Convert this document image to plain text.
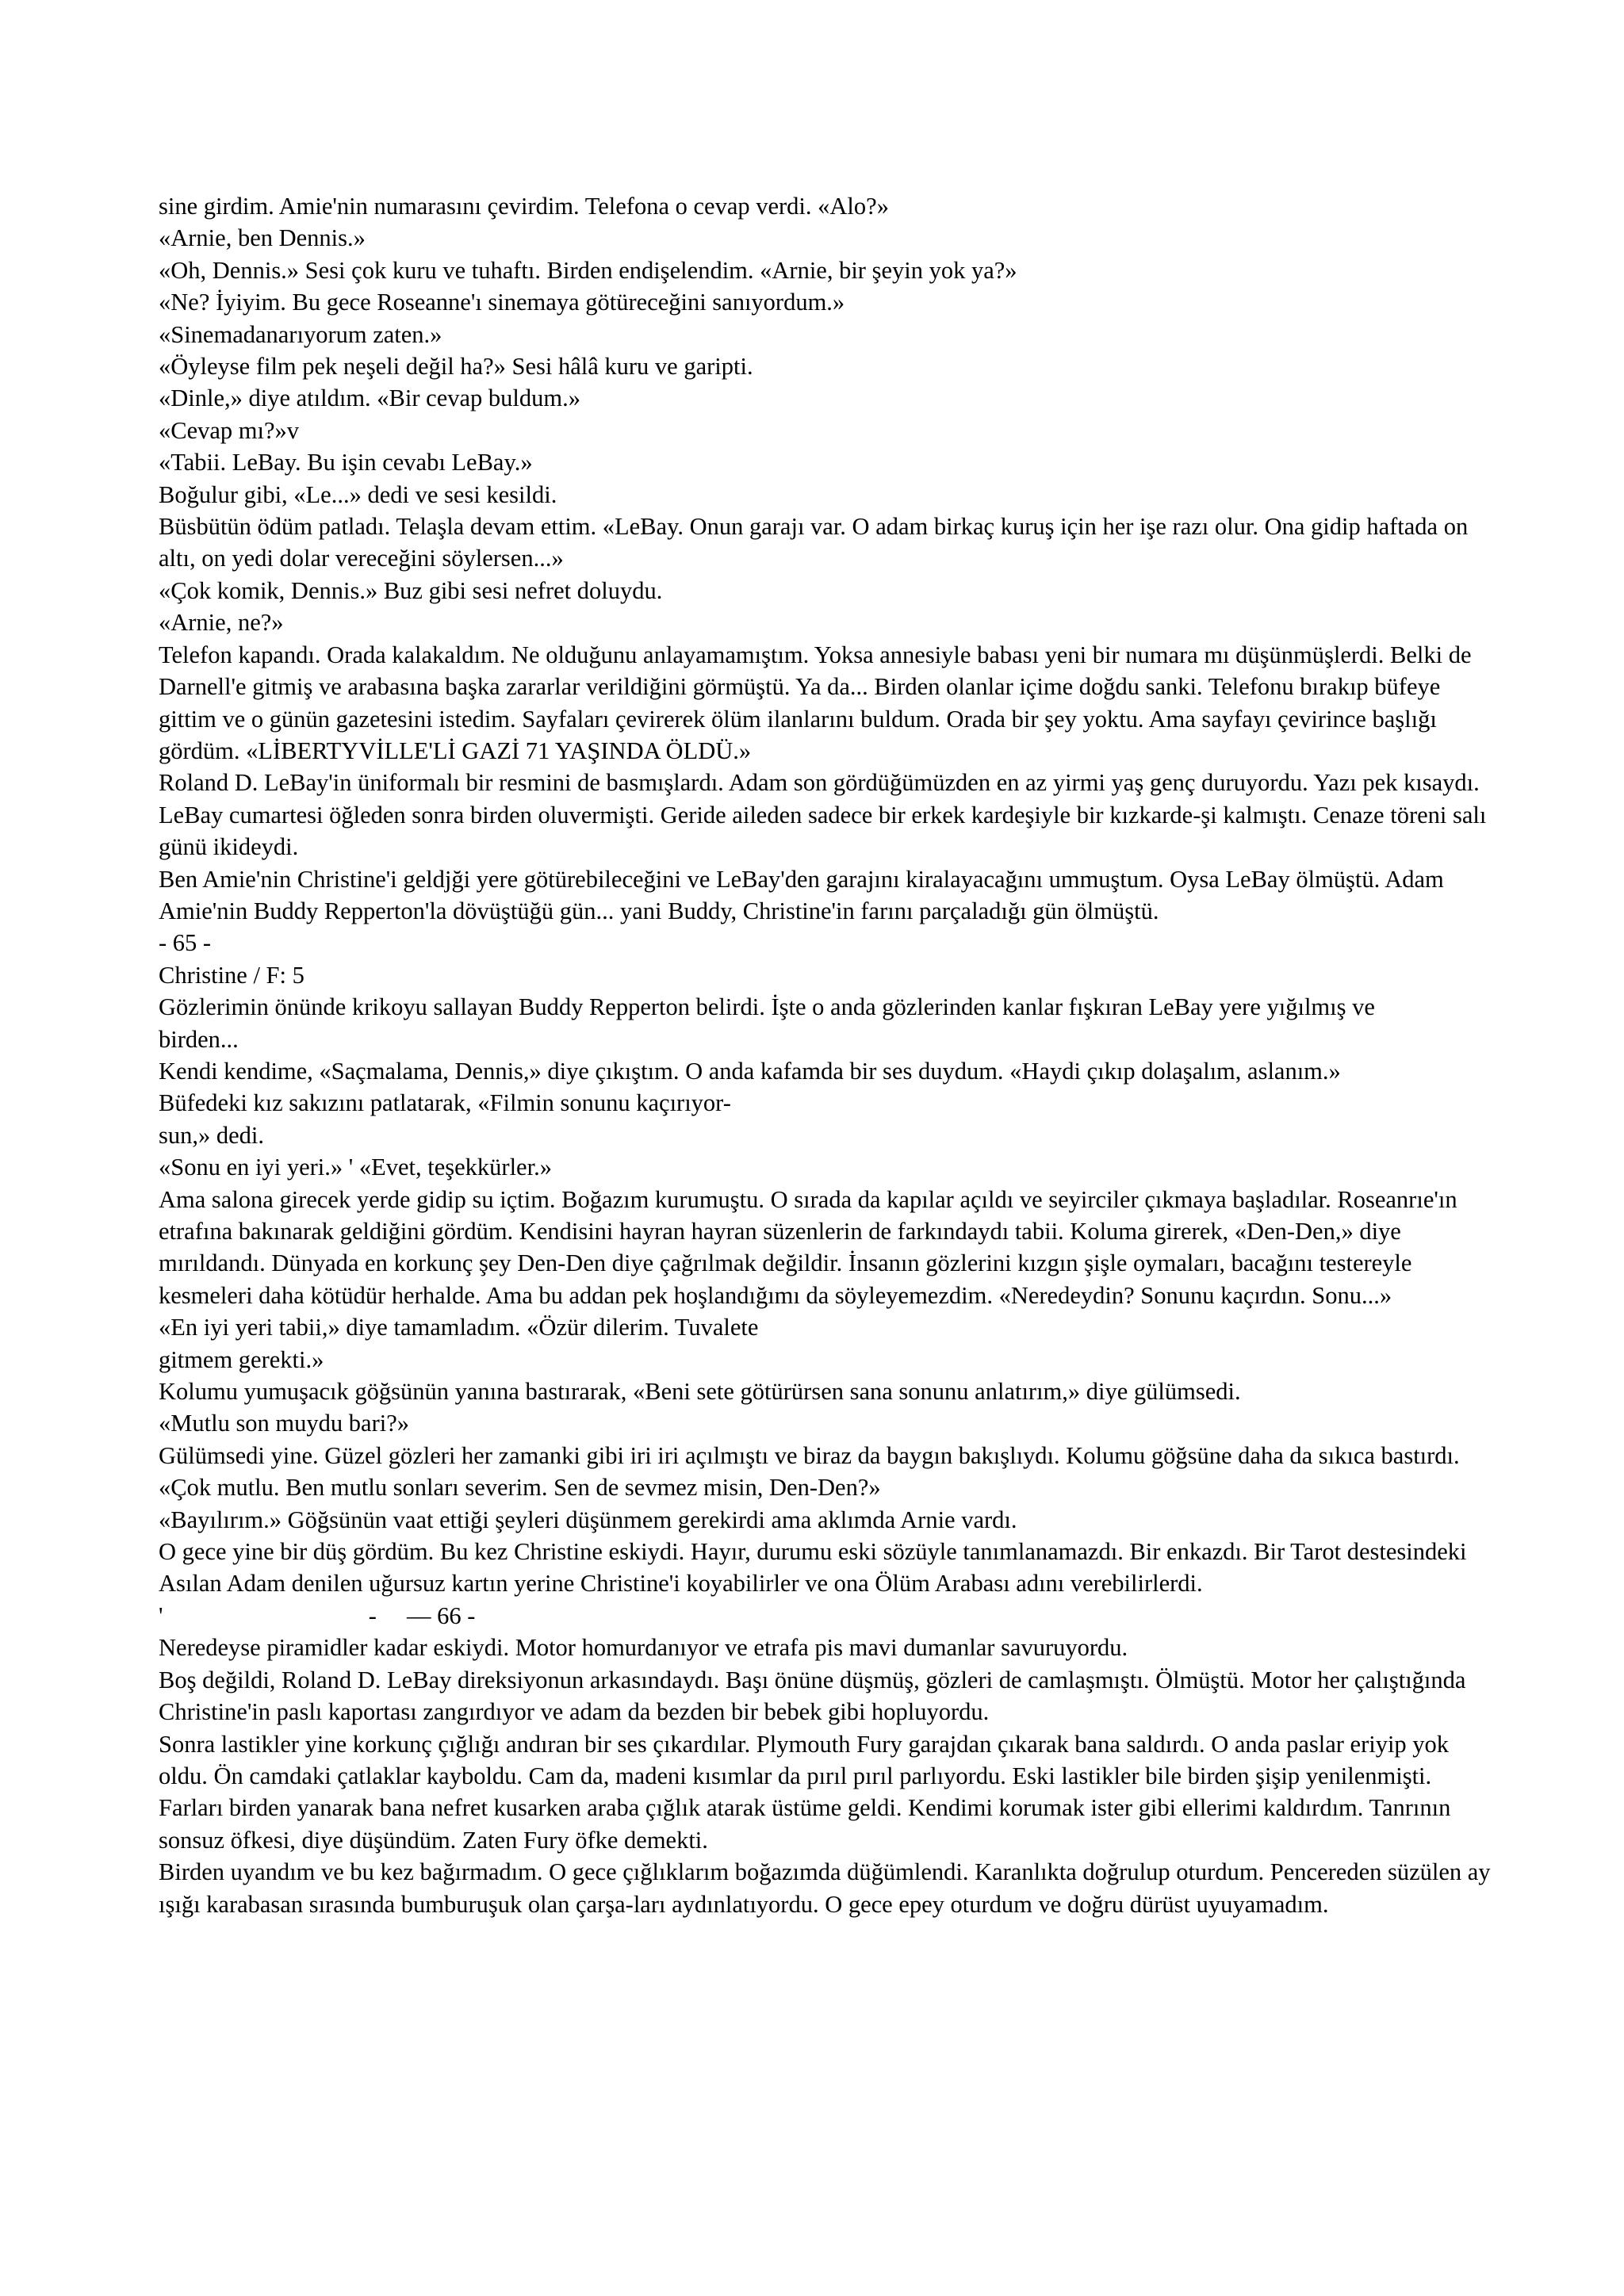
sine girdim. Amie'nin numarasını çevirdim. Telefona o cevap verdi. «Alo?»

«Arnie, ben Dennis.»

«Oh, Dennis.» Sesi çok kuru ve tuhaftı. Birden endişelendim. «Arnie, bir şeyin yok ya?»

«Ne? İyiyim. Bu gece Roseanne'ı sinemaya götüreceğini sanıyordum.»

«Sinemadanarıyorum zaten.»

«Öyleyse film pek neşeli değil ha?» Sesi hâlâ kuru ve garipti.

«Dinle,» diye atıldım. «Bir cevap buldum.»

«Cevap mı?»v

«Tabii. LeBay. Bu işin cevabı LeBay.»

Boğulur gibi, «Le...» dedi ve sesi kesildi.

Büsbütün ödüm patladı. Telaşla devam ettim. «LeBay. Onun garajı var. O adam birkaç kuruş için her işe razı olur. Ona gidip haftada on altı, on yedi dolar vereceğini söylersen...»

«Çok komik, Dennis.» Buz gibi sesi nefret doluydu.

«Arnie, ne?»

Telefon kapandı. Orada kalakaldım. Ne olduğunu anlayamamıştım. Yoksa annesiyle babası yeni bir numara mı düşünmüşlerdi. Belki de Darnell'e gitmiş ve arabasına başka zararlar verildiğini görmüştü. Ya da... Birden olanlar içime doğdu sanki. Telefonu bırakıp büfeye gittim ve o günün gazetesini istedim. Sayfaları çevirerek ölüm ilanlarını buldum. Orada bir şey yoktu. Ama sayfayı çevirince başlığı gördüm. «LİBERTYVİLLE'Lİ GAZİ 71 YAŞINDA ÖLDÜ.»

Roland D. LeBay'in üniformalı bir resmini de basmışlardı. Adam son gördüğümüzden en az yirmi yaş genç duruyordu. Yazı pek kısaydı. LeBay cumartesi öğleden sonra birden oluvermişti. Geride aileden sadece bir erkek kardeşiyle bir kızkarde-şi kalmıştı. Cenaze töreni salı günü ikideydi.

Ben Amie'nin Christine'i geldjği yere götürebileceğini ve LeBay'den garajını kiralayacağını ummuştum. Oysa LeBay ölmüştü. Adam Amie'nin Buddy Repperton'la dövüştüğü gün... yani Buddy, Christine'in farını parçaladığı gün ölmüştü.

- 65 -

Christine / F: 5

Gözlerimin önünde krikoyu sallayan Buddy Repperton belirdi. İşte o anda gözlerinden kanlar fışkıran LeBay yere yığılmış ve

birden...

Kendi kendime, «Saçmalama, Dennis,» diye çıkıştım. O anda kafamda bir ses duydum. «Haydi çıkıp dolaşalım, aslanım.»

Büfedeki kız sakızını patlatarak, «Filmin sonunu kaçırıyor-

sun,» dedi.

«Sonu en iyi yeri.» ' «Evet, teşekkürler.»

Ama salona girecek yerde gidip su içtim. Boğazım kurumuştu. O sırada da kapılar açıldı ve seyirciler çıkmaya başladılar. Roseanrıe'ın etrafına bakınarak geldiğini gördüm. Kendisini hayran hayran süzenlerin de farkındaydı tabii. Koluma girerek, «Den-Den,» diye mırıldandı. Dünyada en korkunç şey Den-Den diye çağrılmak değildir. İnsanın gözlerini kızgın şişle oymaları, bacağını testereyle kesmeleri daha kötüdür herhalde. Ama bu addan pek hoşlandığımı da söyleyemezdim. «Neredeydin? Sonunu kaçırdın. Sonu...»

«En iyi yeri tabii,» diye tamamladım. «Özür dilerim. Tuvalete

gitmem gerekti.»

Kolumu yumuşacık göğsünün yanına bastırarak, «Beni sete götürürsen sana sonunu anlatırım,» diye gülümsedi.

«Mutlu son muydu bari?»

Gülümsedi yine. Güzel gözleri her zamanki gibi iri iri açılmıştı ve biraz da baygın bakışlıydı. Kolumu göğsüne daha da sıkıca bastırdı. «Çok mutlu. Ben mutlu sonları severim. Sen de sevmez misin, Den-Den?»

«Bayılırım.» Göğsünün vaat ettiği şeyleri düşünmem gerekirdi ama aklımda Arnie vardı.

O gece yine bir düş gördüm. Bu kez Christine eskiydi. Hayır, durumu eski sözüyle tanımlanamazdı. Bir enkazdı. Bir Tarot destesindeki Asılan Adam denilen uğursuz kartın yerine Christine'i koyabilirler ve ona Ölüm Arabası adını verebilirlerdi.

'                                  -     — 66 -

Neredeyse piramidler kadar eskiydi. Motor homurdanıyor ve etrafa pis mavi dumanlar savuruyordu.

Boş değildi, Roland D. LeBay direksiyonun arkasındaydı. Başı önüne düşmüş, gözleri de camlaşmıştı. Ölmüştü. Motor her çalıştığında Christine'in paslı kaportası zangırdıyor ve adam da bezden bir bebek gibi hopluyordu.

Sonra lastikler yine korkunç çığlığı andıran bir ses çıkardılar. Plymouth Fury garajdan çıkarak bana saldırdı. O anda paslar eriyip yok oldu. Ön camdaki çatlaklar kayboldu. Cam da, madeni kısımlar da pırıl pırıl parlıyordu. Eski lastikler bile birden şişip yenilenmişti.

Farları birden yanarak bana nefret kusarken araba çığlık atarak üstüme geldi. Kendimi korumak ister gibi ellerimi kaldırdım. Tanrının sonsuz öfkesi, diye düşündüm. Zaten Fury öfke demekti.

Birden uyandım ve bu kez bağırmadım. O gece çığlıklarım boğazımda düğümlendi. Karanlıkta doğrulup oturdum. Pencereden süzülen ay ışığı karabasan sırasında bumburuşuk olan çarşa-ları aydınlatıyordu. O gece epey oturdum ve doğru dürüst uyuyamadım.
